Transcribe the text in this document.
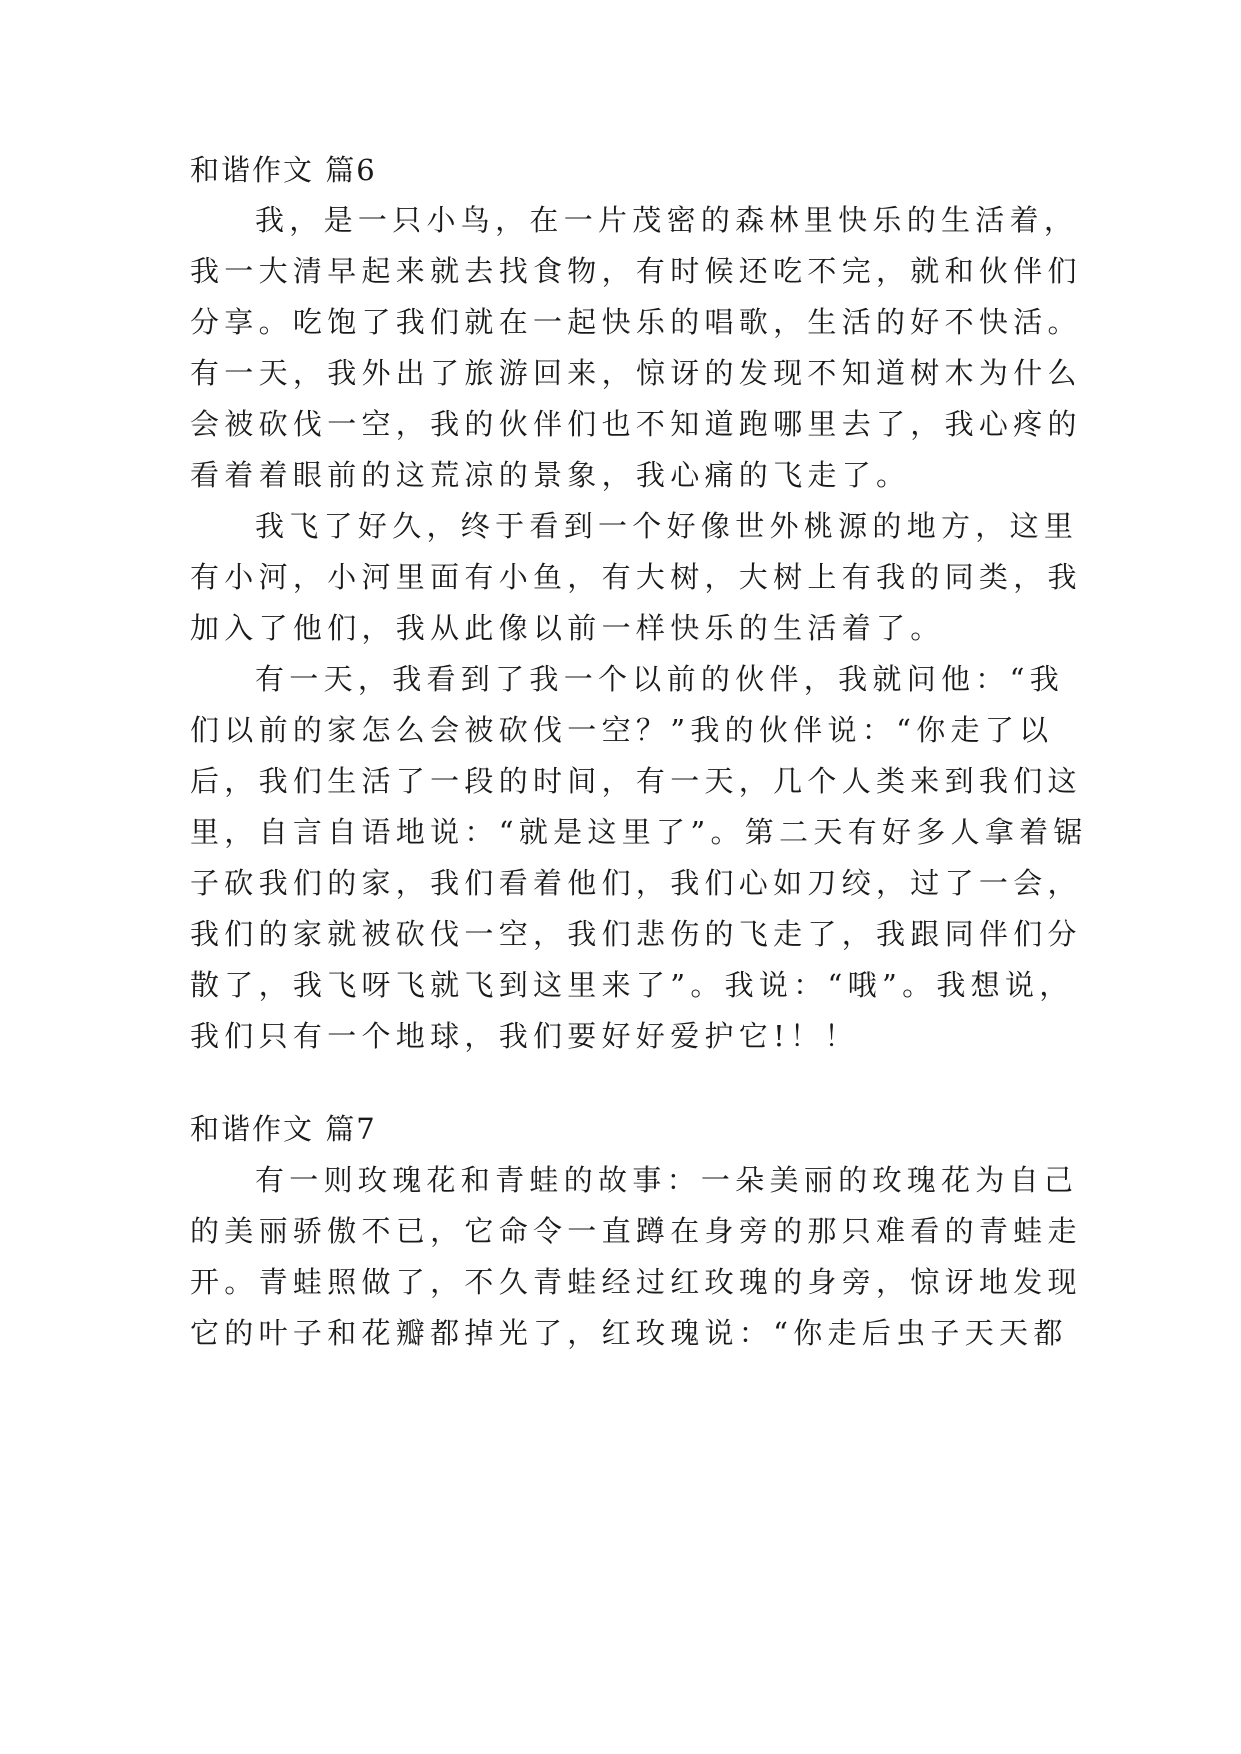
和谐作文 篇6
我，是一只小鸟，在一片茂密的森林里快乐的生活着，
我一大清早起来就去找食物，有时候还吃不完，就和伙伴们
分享。吃饱了我们就在一起快乐的唱歌，生活的好不快活。
有一天，我外出了旅游回来，惊讶的发现不知道树木为什么
会被砍伐一空，我的伙伴们也不知道跑哪里去了，我心疼的
看着着眼前的这荒凉的景象，我心痛的飞走了。
我飞了好久，终于看到一个好像世外桃源的地方，这里
有小河，小河里面有小鱼，有大树，大树上有我的同类，我
加入了他们，我从此像以前一样快乐的生活着了。
有一天，我看到了我一个以前的伙伴，我就问他：“我
们以前的家怎么会被砍伐一空？”我的伙伴说：“你走了以
后，我们生活了一段的时间，有一天，几个人类来到我们这
里，自言自语地说：“就是这里了”。第二天有好多人拿着锯
子砍我们的家，我们看着他们，我们心如刀绞，过了一会，
我们的家就被砍伐一空，我们悲伤的飞走了，我跟同伴们分
散了，我飞呀飞就飞到这里来了”。我说：“哦”。我想说，
我们只有一个地球，我们要好好爱护它!！！
和谐作文 篇7
有一则玫瑰花和青蛙的故事：一朵美丽的玫瑰花为自己
的美丽骄傲不已，它命令一直蹲在身旁的那只难看的青蛙走
开。青蛙照做了，不久青蛙经过红玫瑰的身旁，惊讶地发现
它的叶子和花瓣都掉光了，红玫瑰说：“你走后虫子天天都
